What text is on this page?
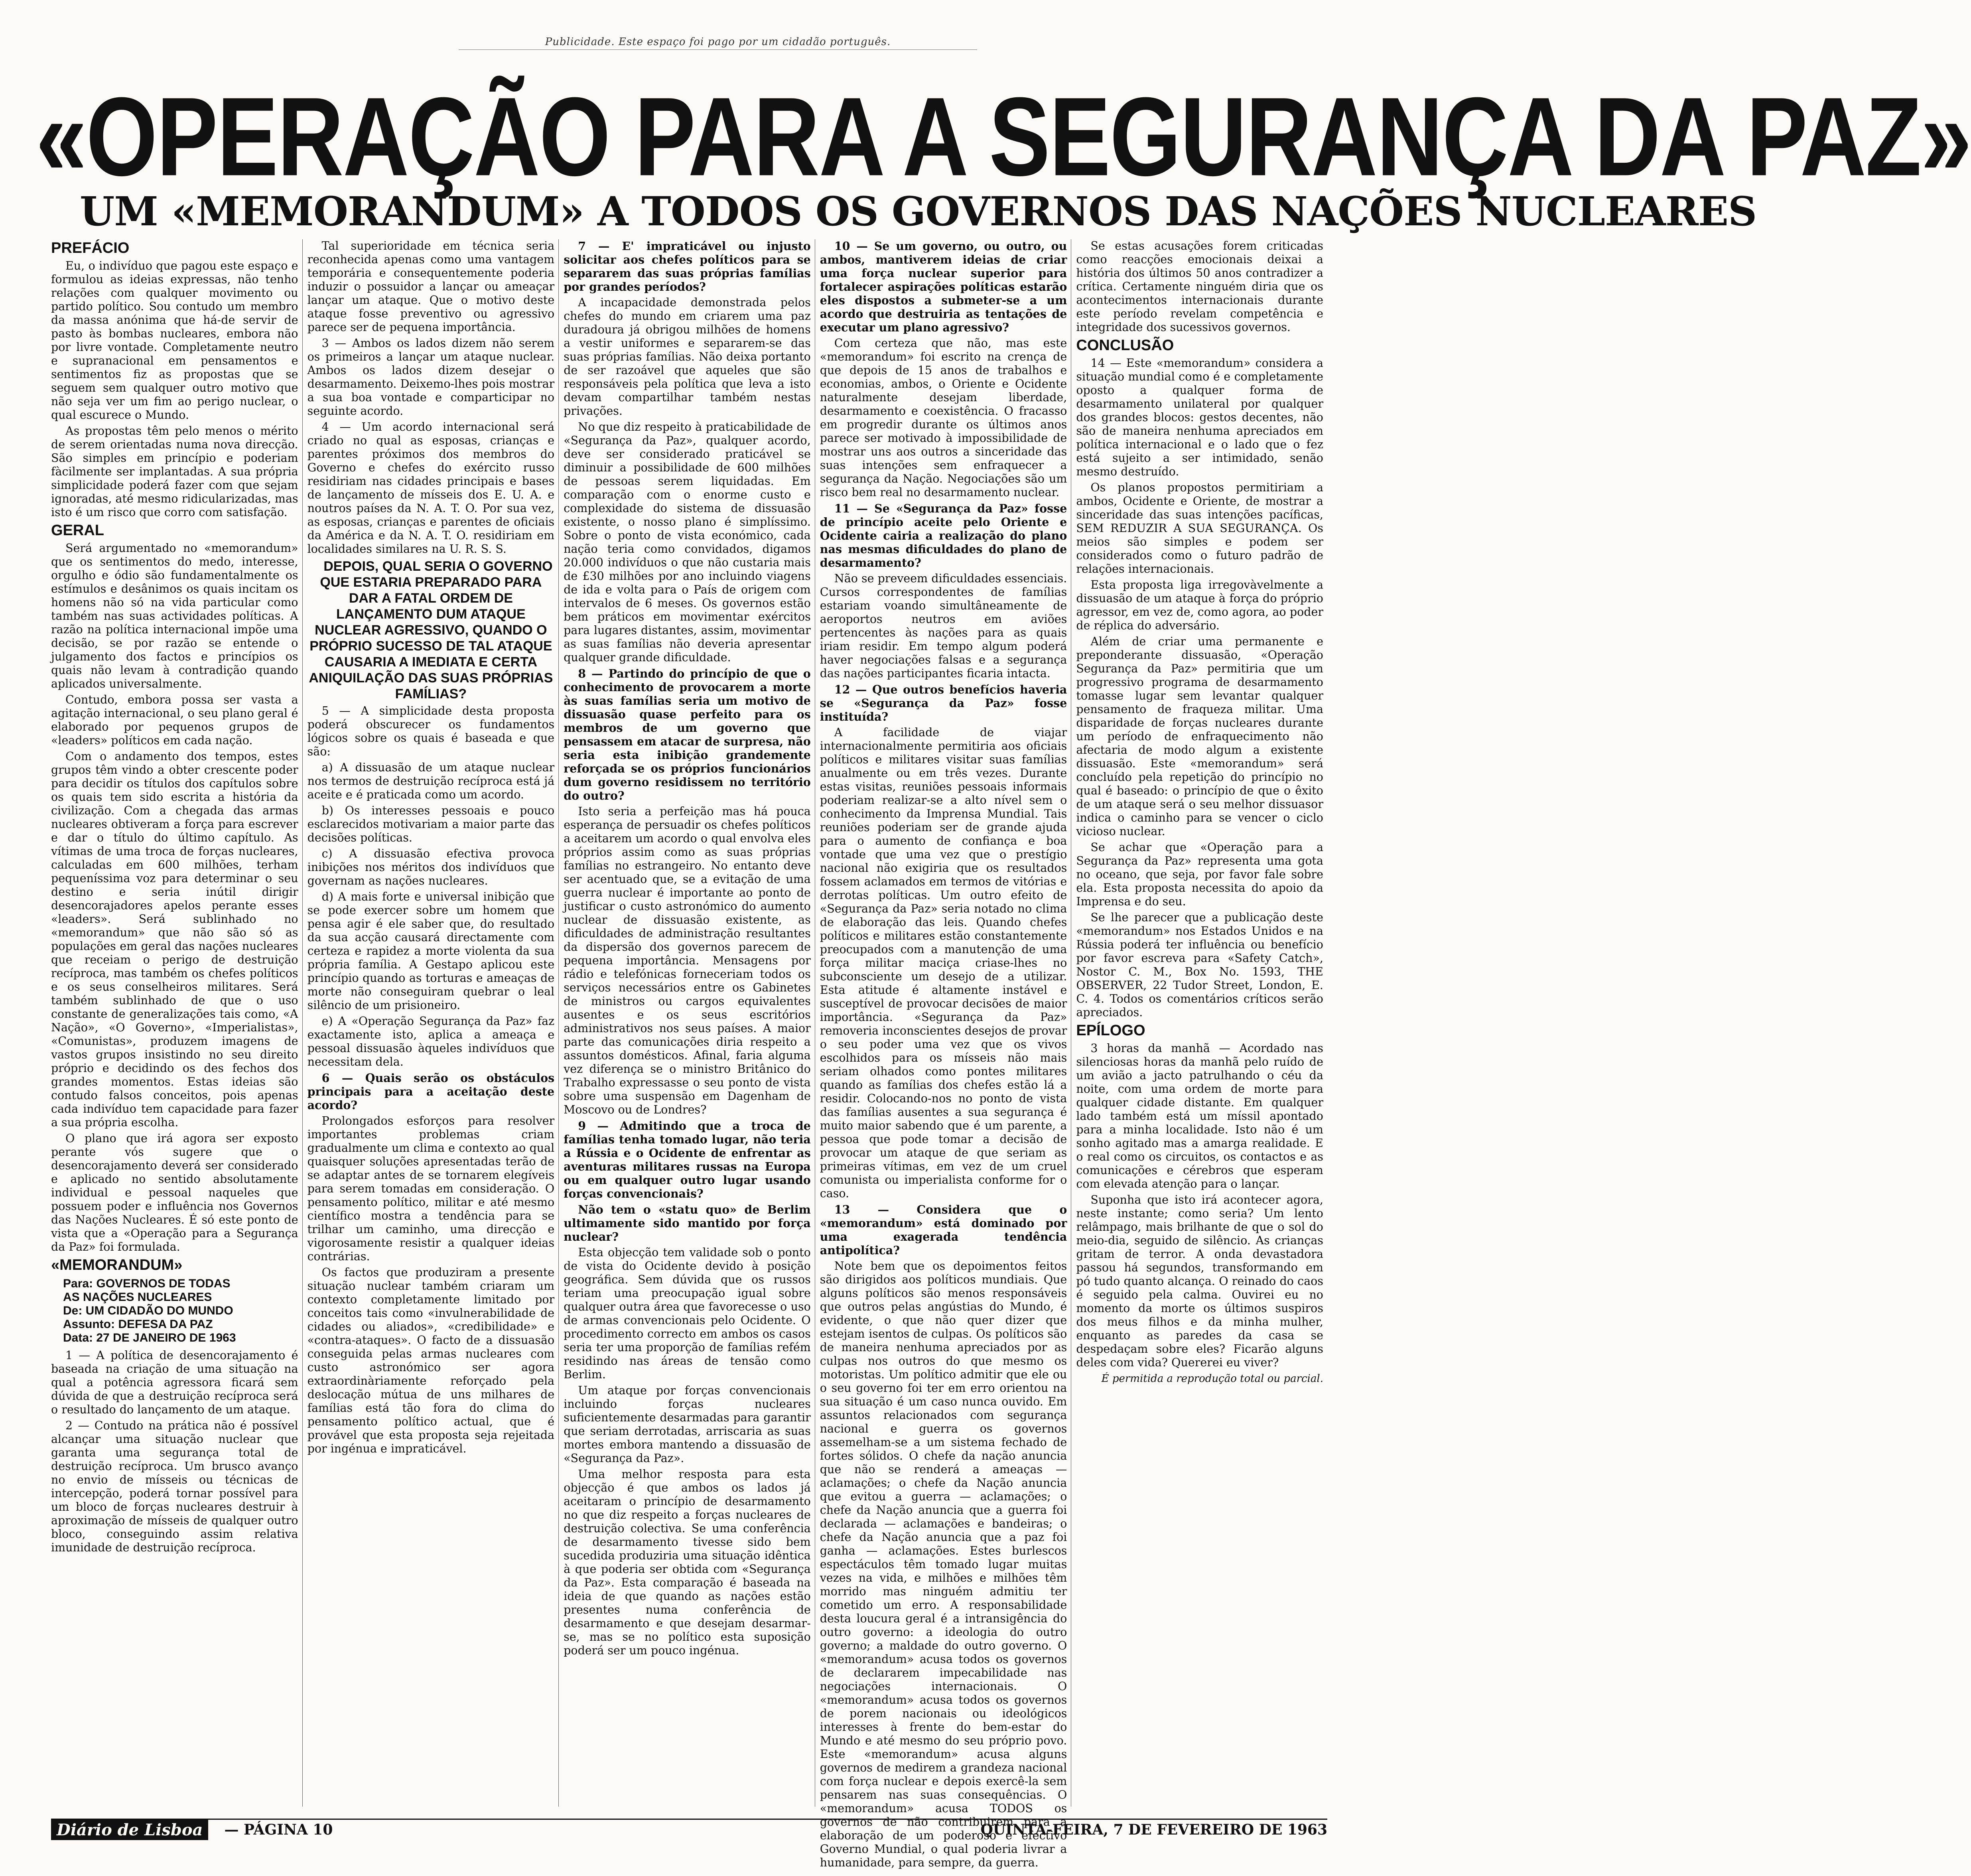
Publicidade. Este espaço foi pago por um cidadão português.
«OPERAÇÃO PARA A SEGURANÇA DA PAZ»
UM «MEMORANDUM» A TODOS OS GOVERNOS DAS NAÇÕES NUCLEARES

PREFÁCIO

Eu, o indivíduo que pagou este espaço e formulou as ideias expressas, não tenho relações com qualquer movimento ou partido político. Sou contudo um membro da massa anónima que há-de servir de pasto às bombas nucleares, embora não por livre vontade. Completamente neutro e supranacional em pensamentos e sentimentos fiz as propostas que se seguem sem qualquer outro motivo que não seja ver um fim ao perigo nuclear, o qual escurece o Mundo.

As propostas têm pelo menos o mérito de serem orientadas numa nova direcção. São simples em princípio e poderiam fàcilmente ser implantadas. A sua própria simplicidade poderá fazer com que sejam ignoradas, até mesmo ridicularizadas, mas isto é um risco que corro com satisfação.

GERAL

Será argumentado no «memorandum» que os sentimentos do medo, interesse, orgulho e ódio são fundamentalmente os estímulos e desânimos os quais incitam os homens não só na vida particular como também nas suas actividades políticas. A razão na política internacional impõe uma decisão, se por razão se entende o julgamento dos factos e princípios os quais não levam à contradição quando aplicados universalmente.

Contudo, embora possa ser vasta a agitação internacional, o seu plano geral é elaborado por pequenos grupos de «leaders» políticos em cada nação.

Com o andamento dos tempos, estes grupos têm vindo a obter crescente poder para decidir os títulos dos capítulos sobre os quais tem sido escrita a história da civilização. Com a chegada das armas nucleares obtiveram a força para escrever e dar o título do último capítulo. As vítimas de uma troca de forças nucleares, calculadas em 600 milhões, terham pequeníssima voz para determinar o seu destino e seria inútil dirigir desencorajadores apelos perante esses «leaders». Será sublinhado no «memorandum» que não são só as populações em geral das nações nucleares que receiam o perigo de destruição recíproca, mas também os chefes políticos e os seus conselheiros militares. Será também sublinhado de que o uso constante de generalizações tais como, «A Nação», «O Governo», «Imperialistas», «Comunistas», produzem imagens de vastos grupos insistindo no seu direito próprio e decidindo os des fechos dos grandes momentos. Estas ideias são contudo falsos conceitos, pois apenas cada indivíduo tem capacidade para fazer a sua própria escolha.

O plano que irá agora ser exposto perante vós sugere que o desencorajamento deverá ser considerado e aplicado no sentido absolutamente individual e pessoal naqueles que possuem poder e influência nos Governos das Nações Nucleares. É só este ponto de vista que a «Operação para a Segurança da Paz» foi formulada.

«MEMORANDUM»

Para: GOVERNOS DE TODAS
AS NAÇÕES NUCLEARES
De: UM CIDADÃO DO MUNDO
Assunto: DEFESA DA PAZ
Data: 27 DE JANEIRO DE 1963

1 — A política de desencorajamento é baseada na criação de uma situação na qual a potência agressora ficará sem dúvida de que a destruição recíproca será o resultado do lançamento de um ataque.

2 — Contudo na prática não é possível alcançar uma situação nuclear que garanta uma segurança total de destruição recíproca. Um brusco avanço no envio de mísseis ou técnicas de intercepção, poderá tornar possível para um bloco de forças nucleares destruir à aproximação de mísseis de qualquer outro bloco, conseguindo assim relativa imunidade de destruição recíproca.

Tal superioridade em técnica seria reconhecida apenas como uma vantagem temporária e consequentemente poderia induzir o possuidor a lançar ou ameaçar lançar um ataque. Que o motivo deste ataque fosse preventivo ou agressivo parece ser de pequena importância.

3 — Ambos os lados dizem não serem os primeiros a lançar um ataque nuclear. Ambos os lados dizem desejar o desarmamento. Deixemo-lhes pois mostrar a sua boa vontade e comparticipar no seguinte acordo.

4 — Um acordo internacional será criado no qual as esposas, crianças e parentes próximos dos membros do Governo e chefes do exército russo residiriam nas cidades principais e bases de lançamento de mísseis dos E. U. A. e noutros países da N. A. T. O. Por sua vez, as esposas, crianças e parentes de oficiais da América e da N. A. T. O. residiriam em localidades similares na U. R. S. S.

DEPOIS, QUAL SERIA O GOVERNO QUE ESTARIA PREPARADO PARA DAR A FATAL ORDEM DE LANÇAMENTO DUM ATAQUE NUCLEAR AGRESSIVO, QUANDO O PRÓPRIO SUCESSO DE TAL ATAQUE CAUSARIA A IMEDIATA E CERTA ANIQUILAÇÃO DAS SUAS PRÓPRIAS FAMÍLIAS?

5 — A simplicidade desta proposta poderá obscurecer os fundamentos lógicos sobre os quais é baseada e que são:

a) A dissuasão de um ataque nuclear nos termos de destruição recíproca está já aceite e é praticada como um acordo.

b) Os interesses pessoais e pouco esclarecidos motivariam a maior parte das decisões políticas.

c) A dissuasão efectiva provoca inibições nos méritos dos indivíduos que governam as nações nucleares.

d) A mais forte e universal inibição que se pode exercer sobre um homem que pensa agir é ele saber que, do resultado da sua acção causará directamente com certeza e rapidez a morte violenta da sua própria família. A Gestapo aplicou este princípio quando as torturas e ameaças de morte não conseguiram quebrar o leal silêncio de um prisioneiro.

e) A «Operação Segurança da Paz» faz exactamente isto, aplica a ameaça e pessoal dissuasão àqueles indivíduos que necessitam dela.

6 — Quais serão os obstáculos principais para a aceitação deste acordo?

Prolongados esforços para resolver importantes problemas criam gradualmente um clima e contexto ao qual quaisquer soluções apresentadas terão de se adaptar antes de se tornarem elegíveis para serem tomadas em consideração. O pensamento político, militar e até mesmo científico mostra a tendência para se trilhar um caminho, uma direcção e vigorosamente resistir a qualquer ideias contrárias.

Os factos que produziram a presente situação nuclear também criaram um contexto completamente limitado por conceitos tais como «invulnerabilidade de cidades ou aliados», «credibilidade» e «contra-ataques». O facto de a dissuasão conseguida pelas armas nucleares com custo astronómico ser agora extraordinàriamente reforçado pela deslocação mútua de uns milhares de famílias está tão fora do clima do pensamento político actual, que é provável que esta proposta seja rejeitada por ingénua e impraticável.

7 — E' impraticável ou injusto solicitar aos chefes políticos para se separarem das suas próprias famílias por grandes períodos?

A incapacidade demonstrada pelos chefes do mundo em criarem uma paz duradoura já obrigou milhões de homens a vestir uniformes e separarem-se das suas próprias famílias. Não deixa portanto de ser razoável que aqueles que são responsáveis pela política que leva a isto devam compartilhar também nestas privações.

No que diz respeito à praticabilidade de «Segurança da Paz», qualquer acordo, deve ser considerado praticável se diminuir a possibilidade de 600 milhões de pessoas serem liquidadas. Em comparação com o enorme custo e complexidade do sistema de dissuasão existente, o nosso plano é simplíssimo. Sobre o ponto de vista económico, cada nação teria como convidados, digamos 20.000 indivíduos o que não custaria mais de £30 milhões por ano incluindo viagens de ida e volta para o País de origem com intervalos de 6 meses. Os governos estão bem práticos em movimentar exércitos para lugares distantes, assim, movimentar as suas famílias não deveria apresentar qualquer grande dificuldade.

8 — Partindo do princípio de que o conhecimento de provocarem a morte às suas famílias seria um motivo de dissuasão quase perfeito para os membros de um governo que pensassem em atacar de surpresa, não seria esta inibição grandemente reforçada se os próprios funcionários dum governo residissem no território do outro?

Isto seria a perfeição mas há pouca esperança de persuadir os chefes políticos a aceitarem um acordo o qual envolva eles próprios assim como as suas próprias famílias no estrangeiro. No entanto deve ser acentuado que, se a evitação de uma guerra nuclear é importante ao ponto de justificar o custo astronómico do aumento nuclear de dissuasão existente, as dificuldades de administração resultantes da dispersão dos governos parecem de pequena importância. Mensagens por rádio e telefónicas forneceriam todos os serviços necessários entre os Gabinetes de ministros ou cargos equivalentes ausentes e os seus escritórios administrativos nos seus países. A maior parte das comunicações diria respeito a assuntos domésticos. Afinal, faria alguma vez diferença se o ministro Britânico do Trabalho expressasse o seu ponto de vista sobre uma suspensão em Dagenham de Moscovo ou de Londres?

9 — Admitindo que a troca de famílias tenha tomado lugar, não teria a Rússia e o Ocidente de enfrentar as aventuras militares russas na Europa ou em qualquer outro lugar usando forças convencionais?

Não tem o «statu quo» de Berlim ultimamente sido mantido por força nuclear?

Esta objecção tem validade sob o ponto de vista do Ocidente devido à posição geográfica. Sem dúvida que os russos teriam uma preocupação igual sobre qualquer outra área que favorecesse o uso de armas convencionais pelo Ocidente. O procedimento correcto em ambos os casos seria ter uma proporção de famílias refém residindo nas áreas de tensão como Berlim.

Um ataque por forças convencionais incluindo forças nucleares suficientemente desarmadas para garantir que seriam derrotadas, arriscaria as suas mortes embora mantendo a dissuasão de «Segurança da Paz».

Uma melhor resposta para esta objecção é que ambos os lados já aceitaram o princípio de desarmamento no que diz respeito a forças nucleares de destruição colectiva. Se uma conferência de desarmamento tivesse sido bem sucedida produziria uma situação idêntica à que poderia ser obtida com «Segurança da Paz». Esta comparação é baseada na ideia de que quando as nações estão presentes numa conferência de desarmamento e que desejam desarmar-se, mas se no político esta suposição poderá ser um pouco ingénua.

10 — Se um governo, ou outro, ou ambos, mantiverem ideias de criar uma força nuclear superior para fortalecer aspirações políticas estarão eles dispostos a submeter-se a um acordo que destruiria as tentações de executar um plano agressivo?

Com certeza que não, mas este «memorandum» foi escrito na crença de que depois de 15 anos de trabalhos e economias, ambos, o Oriente e Ocidente naturalmente desejam liberdade, desarmamento e coexistência. O fracasso em progredir durante os últimos anos parece ser motivado à impossibilidade de mostrar uns aos outros a sinceridade das suas intenções sem enfraquecer a segurança da Nação. Negociações são um risco bem real no desarmamento nuclear.

11 — Se «Segurança da Paz» fosse de princípio aceite pelo Oriente e Ocidente cairia a realização do plano nas mesmas dificuldades do plano de desarmamento?

Não se preveem dificuldades essenciais. Cursos correspondentes de famílias estariam voando simultâneamente de aeroportos neutros em aviões pertencentes às nações para as quais iriam residir. Em tempo algum poderá haver negociações falsas e a segurança das nações participantes ficaria intacta.

12 — Que outros benefícios haveria se «Segurança da Paz» fosse instituída?

A facilidade de viajar internacionalmente permitiria aos oficiais políticos e militares visitar suas famílias anualmente ou em três vezes. Durante estas visitas, reuniões pessoais informais poderiam realizar-se a alto nível sem o conhecimento da Imprensa Mundial. Tais reuniões poderiam ser de grande ajuda para o aumento de confiança e boa vontade que uma vez que o prestígio nacional não exigiria que os resultados fossem aclamados em termos de vitórias e derrotas políticas. Um outro efeito de «Segurança da Paz» seria notado no clima de elaboração das leis. Quando chefes políticos e militares estão constantemente preocupados com a manutenção de uma força militar maciça criase-lhes no subconsciente um desejo de a utilizar. Esta atitude é altamente instável e susceptível de provocar decisões de maior importância. «Segurança da Paz» removeria inconscientes desejos de provar o seu poder uma vez que os vivos escolhidos para os mísseis não mais seriam olhados como pontes militares quando as famílias dos chefes estão lá a residir. Colocando-nos no ponto de vista das famílias ausentes a sua segurança é muito maior sabendo que é um parente, a pessoa que pode tomar a decisão de provocar um ataque de que seriam as primeiras vítimas, em vez de um cruel comunista ou imperialista conforme for o caso.

13 — Considera que o «memorandum» está dominado por uma exagerada tendência antipolítica?

Note bem que os depoimentos feitos são dirigidos aos políticos mundiais. Que alguns políticos são menos responsáveis que outros pelas angústias do Mundo, é evidente, o que não quer dizer que estejam isentos de culpas. Os políticos são de maneira nenhuma apreciados por as culpas nos outros do que mesmo os motoristas. Um político admitir que ele ou o seu governo foi ter em erro orientou na sua situação é um caso nunca ouvido. Em assuntos relacionados com segurança nacional e guerra os governos assemelham-se a um sistema fechado de fortes sólidos. O chefe da nação anuncia que não se renderá a ameaças — aclamações; o chefe da Nação anuncia que evitou a guerra — aclamações; o chefe da Nação anuncia que a guerra foi declarada — aclamações e bandeiras; o chefe da Nação anuncia que a paz foi ganha — aclamações. Estes burlescos espectáculos têm tomado lugar muitas vezes na vida, e milhões e milhões têm morrido mas ninguém admitiu ter cometido um erro. A responsabilidade desta loucura geral é a intransigência do outro governo: a ideologia do outro governo; a maldade do outro governo. O «memorandum» acusa todos os governos de declararem impecabilidade nas negociações internacionais. O «memorandum» acusa todos os governos de porem nacionais ou ideológicos interesses à frente do bem-estar do Mundo e até mesmo do seu próprio povo. Este «memorandum» acusa alguns governos de medirem a grandeza nacional com força nuclear e depois exercê-la sem pensarem nas suas consequências. O «memorandum» acusa TODOS os governos de não contribuirem para a elaboração de um poderoso e efectivo Governo Mundial, o qual poderia livrar a humanidade, para sempre, da guerra.

Se estas acusações forem criticadas como reacções emocionais deixai a história dos últimos 50 anos contradizer a crítica. Certamente ninguém diria que os acontecimentos internacionais durante este período revelam competência e integridade dos sucessivos governos.

CONCLUSÃO

14 — Este «memorandum» considera a situação mundial como é e completamente oposto a qualquer forma de desarmamento unilateral por qualquer dos grandes blocos: gestos decentes, não são de maneira nenhuma apreciados em política internacional e o lado que o fez está sujeito a ser intimidado, senão mesmo destruído.

Os planos propostos permitiriam a ambos, Ocidente e Oriente, de mostrar a sinceridade das suas intenções pacíficas, SEM REDUZIR A SUA SEGURANÇA. Os meios são simples e podem ser considerados como o futuro padrão de relações internacionais.

Esta proposta liga irregovàvelmente a dissuasão de um ataque à força do próprio agressor, em vez de, como agora, ao poder de réplica do adversário.

Além de criar uma permanente e preponderante dissuasão, «Operação Segurança da Paz» permitiria que um progressivo programa de desarmamento tomasse lugar sem levantar qualquer pensamento de fraqueza militar. Uma disparidade de forças nucleares durante um período de enfraquecimento não afectaria de modo algum a existente dissuasão. Este «memorandum» será concluído pela repetição do princípio no qual é baseado: o princípio de que o êxito de um ataque será o seu melhor dissuasor indica o caminho para se vencer o ciclo vicioso nuclear.

Se achar que «Operação para a Segurança da Paz» representa uma gota no oceano, que seja, por favor fale sobre ela. Esta proposta necessita do apoio da Imprensa e do seu.

Se lhe parecer que a publicação deste «memorandum» nos Estados Unidos e na Rússia poderá ter influência ou benefício por favor escreva para «Safety Catch», Nostor C. M., Box No. 1593, THE OBSERVER, 22 Tudor Street, London, E. C. 4. Todos os comentários críticos serão apreciados.

EPÍLOGO

3 horas da manhã — Acordado nas silenciosas horas da manhã pelo ruído de um avião a jacto patrulhando o céu da noite, com uma ordem de morte para qualquer cidade distante. Em qualquer lado também está um míssil apontado para a minha localidade. Isto não é um sonho agitado mas a amarga realidade. E o real como os circuitos, os contactos e as comunicações e cérebros que esperam com elevada atenção para o lançar.

Suponha que isto irá acontecer agora, neste instante; como seria? Um lento relâmpago, mais brilhante de que o sol do meio-dia, seguido de silêncio. As crianças gritam de terror. A onda devastadora passou há segundos, transformando em pó tudo quanto alcança. O reinado do caos é seguido pela calma. Ouvirei eu no momento da morte os últimos suspiros dos meus filhos e da minha mulher, enquanto as paredes da casa se despedaçam sobre eles? Ficarão alguns deles com vida? Quererei eu viver?

É permitida a reprodução total ou parcial.

Diário de Lisboa	— PÁGINA 10	QUINTA-FEIRA, 7 DE FEVEREIRO DE 1963
